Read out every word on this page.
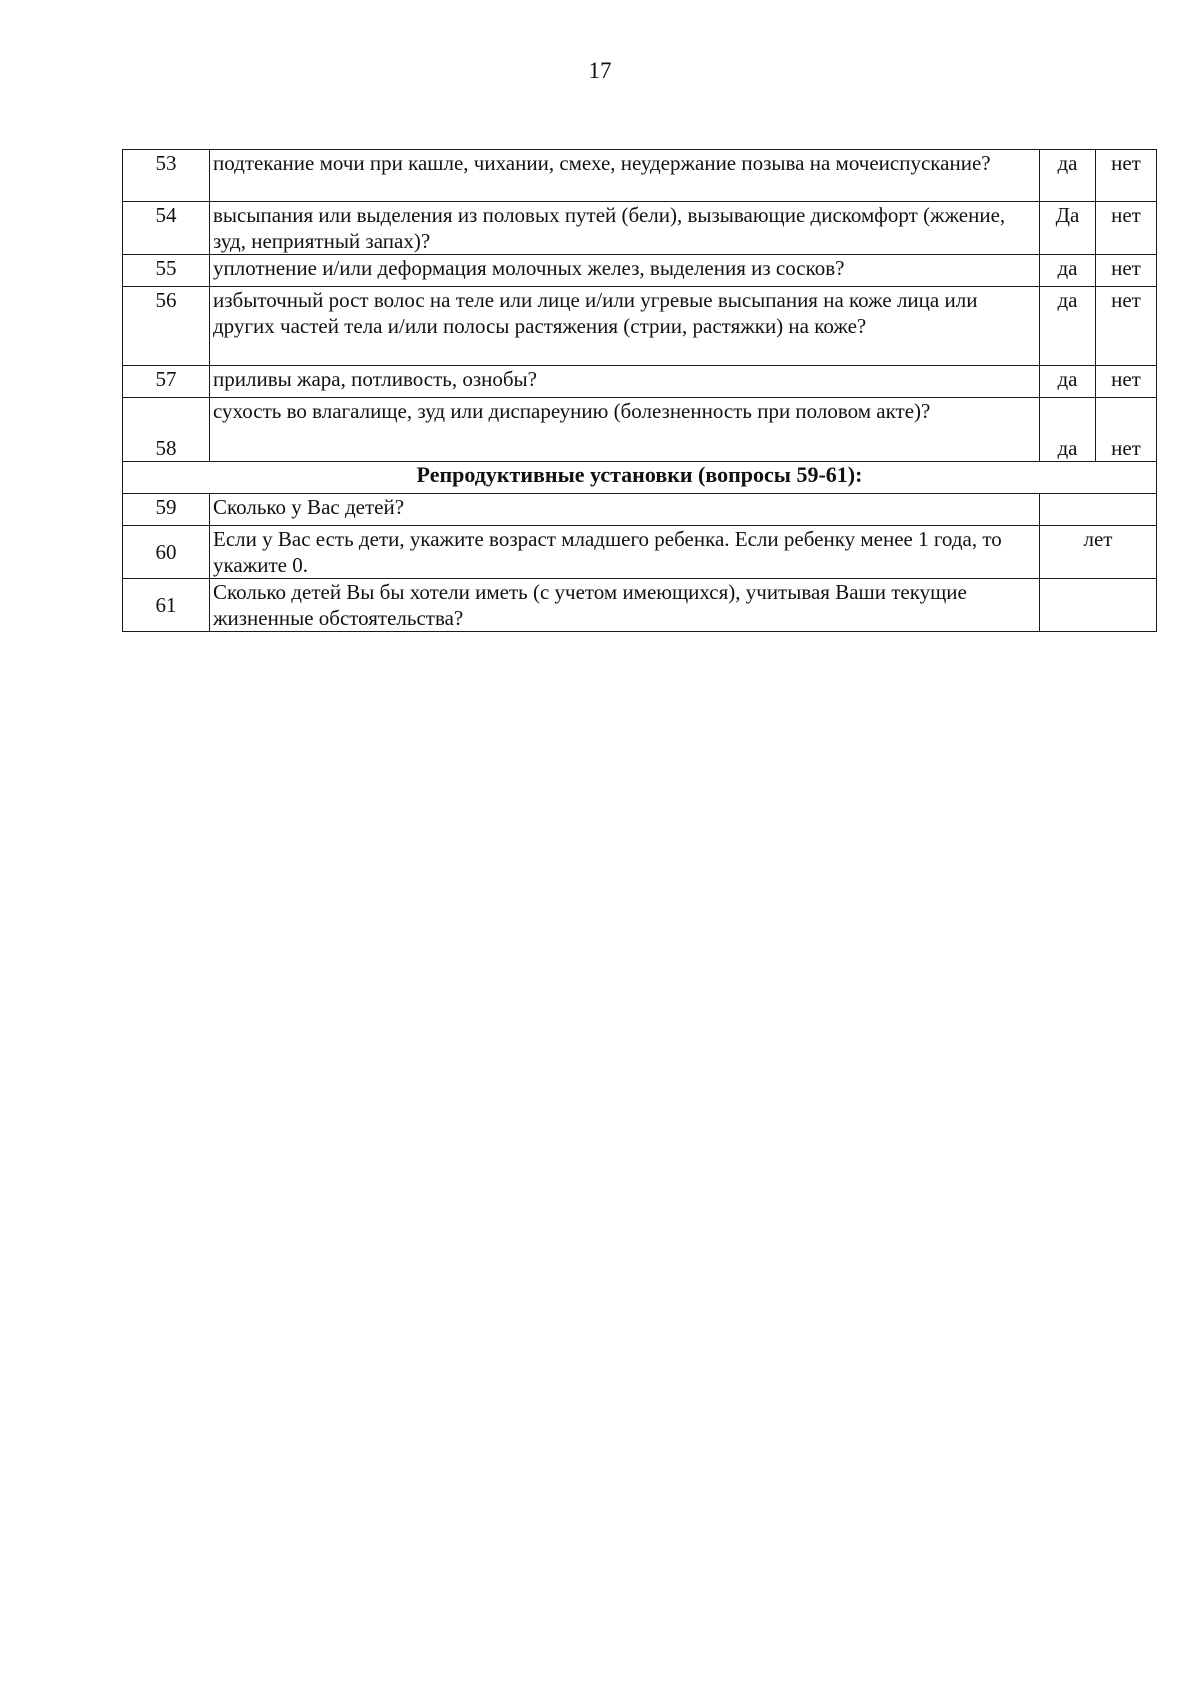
17
53	подтекание мочи при кашле, чихании, смехе, неудержание позыва на мочеиспускание?	да	нет
54	высыпания или выделения из половых путей (бели), вызывающие дискомфорт (жжение, зуд, неприятный запах)?	Да	нет
55	уплотнение и/или деформация молочных желез, выделения из сосков?	да	нет
56	избыточный рост волос на теле или лице и/или угревые высыпания на коже лица или других частей тела и/или полосы растяжения (стрии, растяжки) на коже?	да	нет
57	приливы жара, потливость, ознобы?	да	нет
58	сухость во влагалище, зуд или диспареунию (болезненность при половом акте)?	да	нет
Репродуктивные установки (вопросы 59-61):			
59	Сколько у Вас детей?		
60	Если у Вас есть дети, укажите возраст младшего ребенка. Если ребенку менее 1 года, то укажите 0.	лет	
61	Сколько детей Вы бы хотели иметь (с учетом имеющихся), учитывая Ваши текущие жизненные обстоятельства?		
